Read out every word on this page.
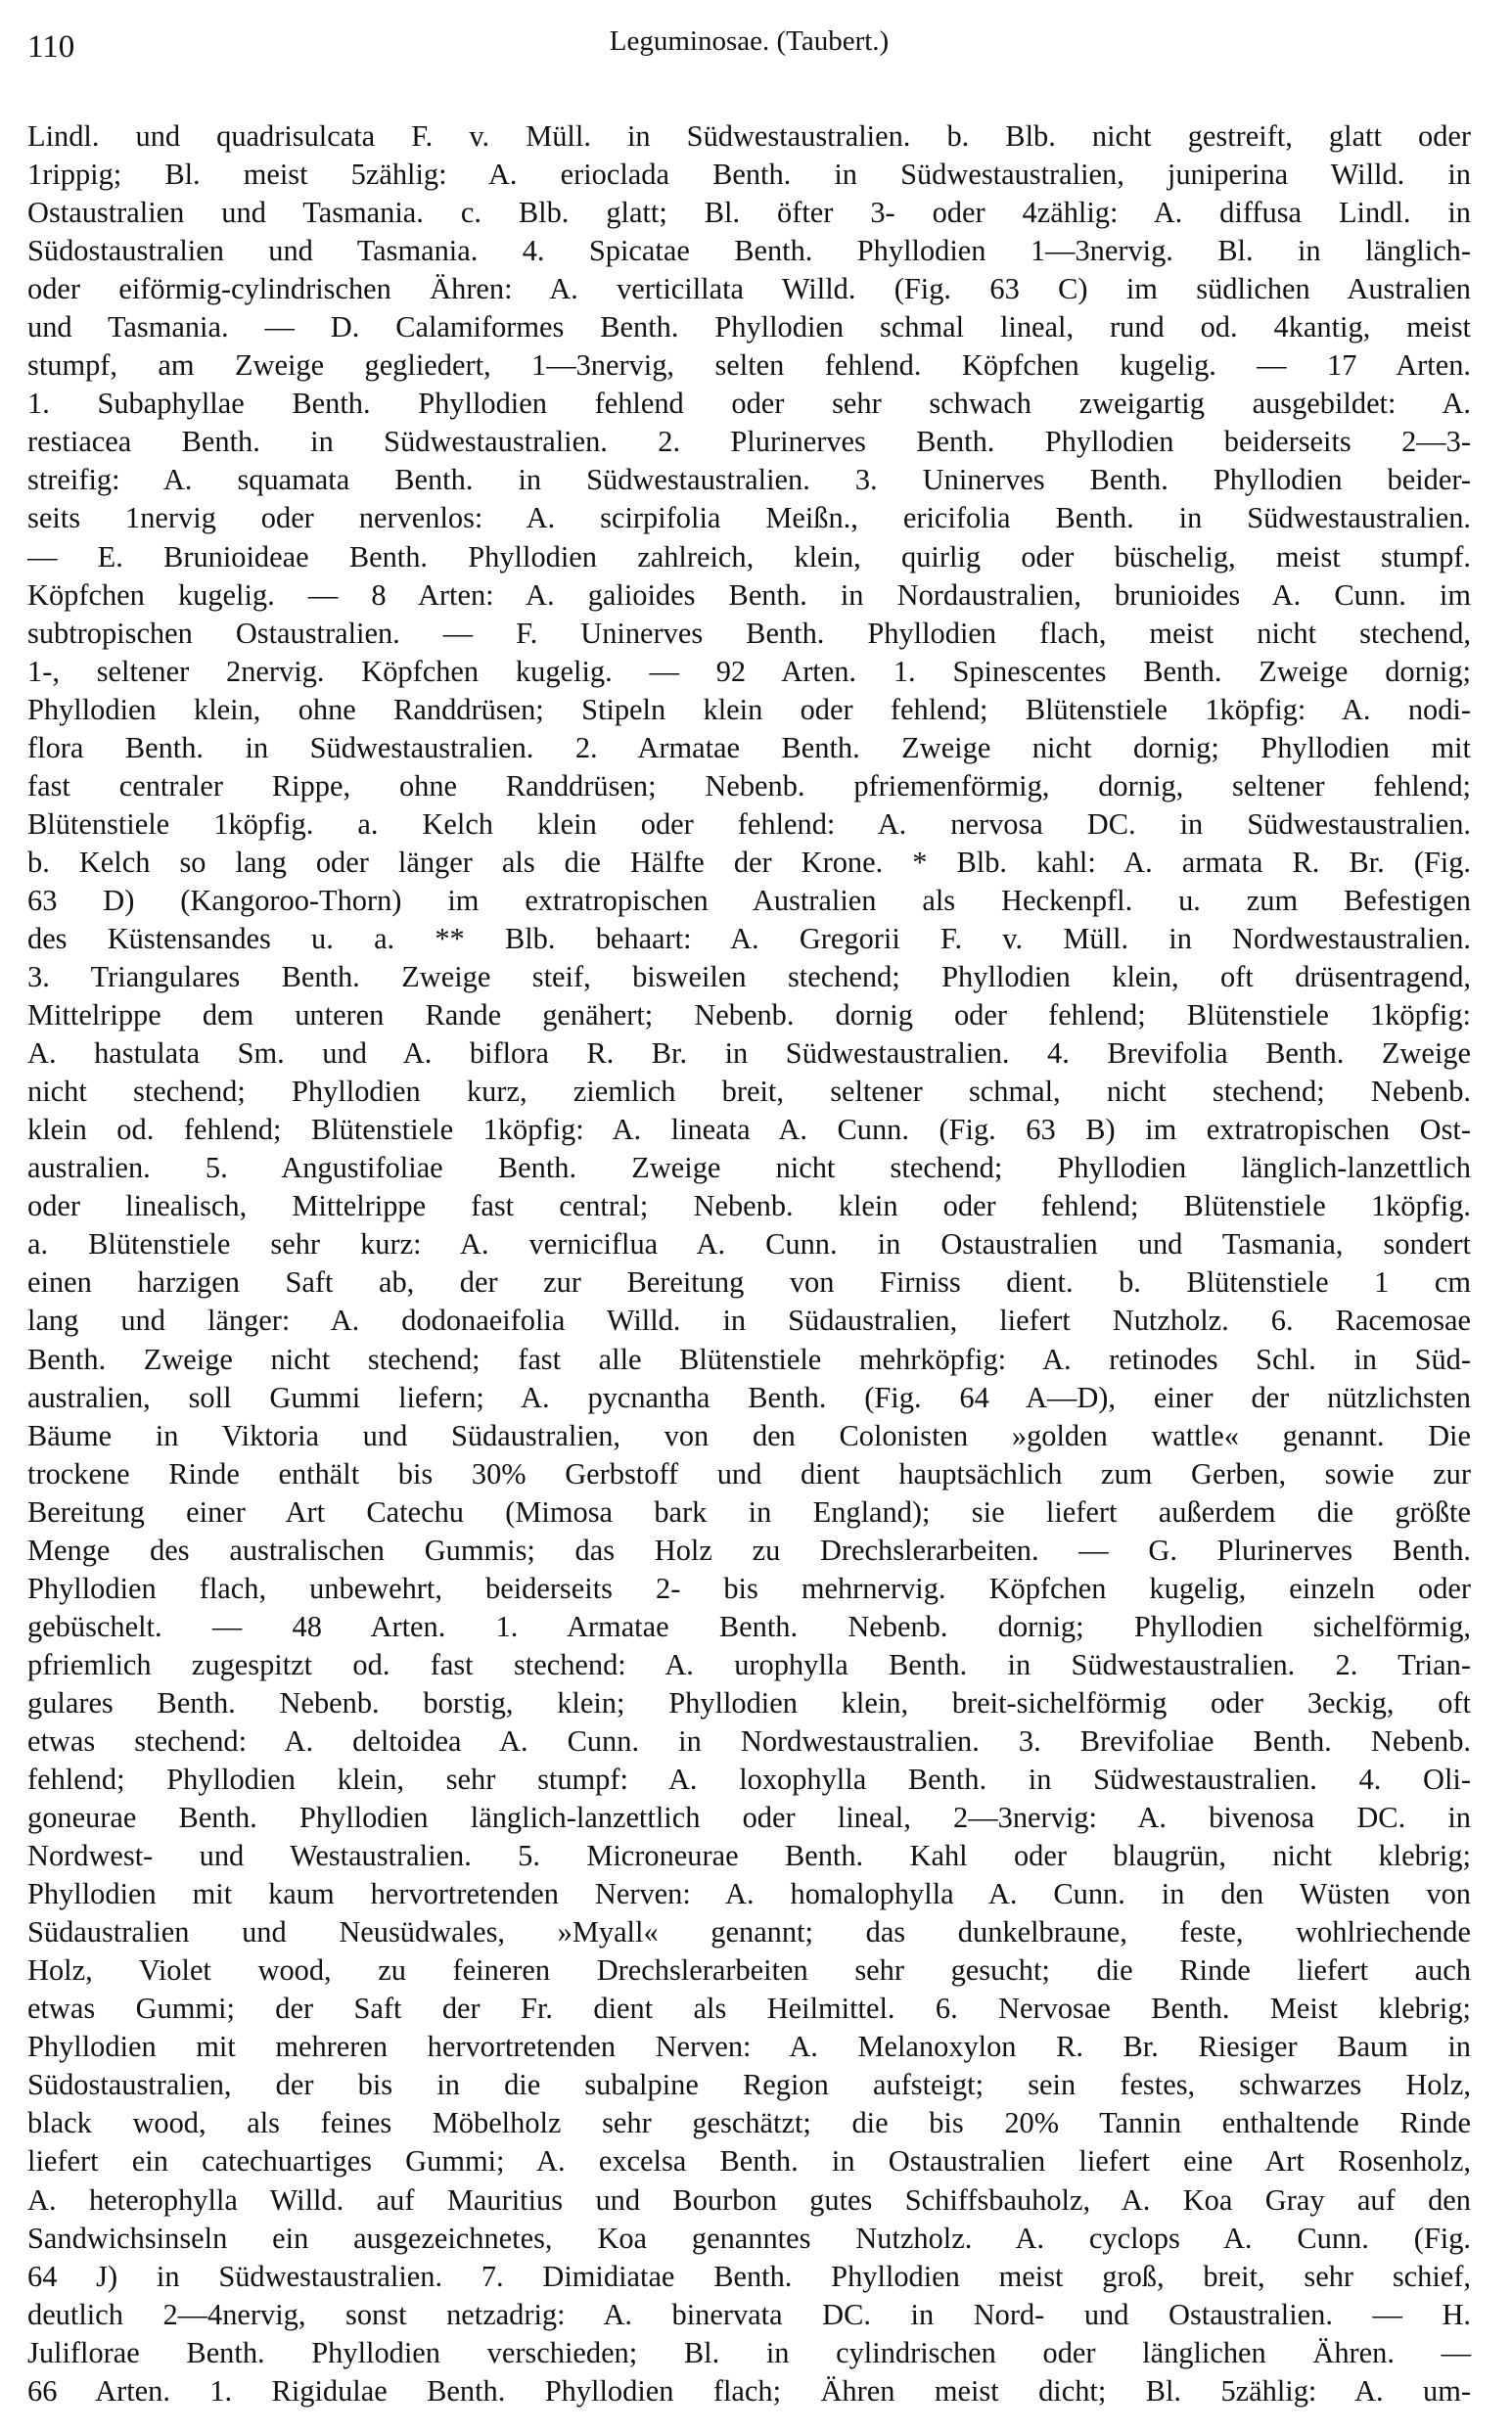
110	Leguminosae. (Taubert.)
Lindl. und quadrisulcata F. v. Müll. in Südwestaustralien. b. Blb. nicht gestreift, glatt oder
1rippig; Bl. meist 5zählig: A. erioclada Benth. in Südwestaustralien, juniperina Willd. in
Ostaustralien und Tasmania. c. Blb. glatt; Bl. öfter 3- oder 4zählig: A. diffusa Lindl. in
Südostaustralien und Tasmania. 4. Spicatae Benth. Phyllodien 1—3nervig. Bl. in länglich-
oder eiförmig-cylindrischen Ähren: A. verticillata Willd. (Fig. 63 C) im südlichen Australien
und Tasmania. — D. Calamiformes Benth. Phyllodien schmal lineal, rund od. 4kantig, meist
stumpf, am Zweige gegliedert, 1—3nervig, selten fehlend. Köpfchen kugelig. — 17 Arten.
1. Subaphyllae Benth. Phyllodien fehlend oder sehr schwach zweigartig ausgebildet: A.
restiacea Benth. in Südwestaustralien. 2. Plurinerves Benth. Phyllodien beiderseits 2—3-
streifig: A. squamata Benth. in Südwestaustralien. 3. Uninerves Benth. Phyllodien beider-
seits 1nervig oder nervenlos: A. scirpifolia Meißn., ericifolia Benth. in Südwestaustralien.
— E. Brunioideae Benth. Phyllodien zahlreich, klein, quirlig oder büschelig, meist stumpf.
Köpfchen kugelig. — 8 Arten: A. galioides Benth. in Nordaustralien, brunioides A. Cunn. im
subtropischen Ostaustralien. — F. Uninerves Benth. Phyllodien flach, meist nicht stechend,
1-, seltener 2nervig. Köpfchen kugelig. — 92 Arten. 1. Spinescentes Benth. Zweige dornig;
Phyllodien klein, ohne Randdrüsen; Stipeln klein oder fehlend; Blütenstiele 1köpfig: A. nodi-
flora Benth. in Südwestaustralien. 2. Armatae Benth. Zweige nicht dornig; Phyllodien mit
fast centraler Rippe, ohne Randdrüsen; Nebenb. pfriemenförmig, dornig, seltener fehlend;
Blütenstiele 1köpfig. a. Kelch klein oder fehlend: A. nervosa DC. in Südwestaustralien.
b. Kelch so lang oder länger als die Hälfte der Krone. * Blb. kahl: A. armata R. Br. (Fig.
63 D) (Kangoroo-Thorn) im extratropischen Australien als Heckenpfl. u. zum Befestigen
des Küstensandes u. a. ** Blb. behaart: A. Gregorii F. v. Müll. in Nordwestaustralien.
3. Triangulares Benth. Zweige steif, bisweilen stechend; Phyllodien klein, oft drüsentragend,
Mittelrippe dem unteren Rande genähert; Nebenb. dornig oder fehlend; Blütenstiele 1köpfig:
A. hastulata Sm. und A. biflora R. Br. in Südwestaustralien. 4. Brevifolia Benth. Zweige
nicht stechend; Phyllodien kurz, ziemlich breit, seltener schmal, nicht stechend; Nebenb.
klein od. fehlend; Blütenstiele 1köpfig: A. lineata A. Cunn. (Fig. 63 B) im extratropischen Ost-
australien. 5. Angustifoliae Benth. Zweige nicht stechend; Phyllodien länglich-lanzettlich
oder linealisch, Mittelrippe fast central; Nebenb. klein oder fehlend; Blütenstiele 1köpfig.
a. Blütenstiele sehr kurz: A. verniciflua A. Cunn. in Ostaustralien und Tasmania, sondert
einen harzigen Saft ab, der zur Bereitung von Firniss dient. b. Blütenstiele 1 cm
lang und länger: A. dodonaeifolia Willd. in Südaustralien, liefert Nutzholz. 6. Racemosae
Benth. Zweige nicht stechend; fast alle Blütenstiele mehrköpfig: A. retinodes Schl. in Süd-
australien, soll Gummi liefern; A. pycnantha Benth. (Fig. 64 A—D), einer der nützlichsten
Bäume in Viktoria und Südaustralien, von den Colonisten »golden wattle« genannt. Die
trockene Rinde enthält bis 30% Gerbstoff und dient hauptsächlich zum Gerben, sowie zur
Bereitung einer Art Catechu (Mimosa bark in England); sie liefert außerdem die größte
Menge des australischen Gummis; das Holz zu Drechslerarbeiten. — G. Plurinerves Benth.
Phyllodien flach, unbewehrt, beiderseits 2- bis mehrnervig. Köpfchen kugelig, einzeln oder
gebüschelt. — 48 Arten. 1. Armatae Benth. Nebenb. dornig; Phyllodien sichelförmig,
pfriemlich zugespitzt od. fast stechend: A. urophylla Benth. in Südwestaustralien. 2. Trian-
gulares Benth. Nebenb. borstig, klein; Phyllodien klein, breit-sichelförmig oder 3eckig, oft
etwas stechend: A. deltoidea A. Cunn. in Nordwestaustralien. 3. Brevifoliae Benth. Nebenb.
fehlend; Phyllodien klein, sehr stumpf: A. loxophylla Benth. in Südwestaustralien. 4. Oli-
goneurae Benth. Phyllodien länglich-lanzettlich oder lineal, 2—3nervig: A. bivenosa DC. in
Nordwest- und Westaustralien. 5. Microneurae Benth. Kahl oder blaugrün, nicht klebrig;
Phyllodien mit kaum hervortretenden Nerven: A. homalophylla A. Cunn. in den Wüsten von
Südaustralien und Neusüdwales, »Myall« genannt; das dunkelbraune, feste, wohlriechende
Holz, Violet wood, zu feineren Drechslerarbeiten sehr gesucht; die Rinde liefert auch
etwas Gummi; der Saft der Fr. dient als Heilmittel. 6. Nervosae Benth. Meist klebrig;
Phyllodien mit mehreren hervortretenden Nerven: A. Melanoxylon R. Br. Riesiger Baum in
Südostaustralien, der bis in die subalpine Region aufsteigt; sein festes, schwarzes Holz,
black wood, als feines Möbelholz sehr geschätzt; die bis 20% Tannin enthaltende Rinde
liefert ein catechuartiges Gummi; A. excelsa Benth. in Ostaustralien liefert eine Art Rosenholz,
A. heterophylla Willd. auf Mauritius und Bourbon gutes Schiffsbauholz, A. Koa Gray auf den
Sandwichsinseln ein ausgezeichnetes, Koa genanntes Nutzholz. A. cyclops A. Cunn. (Fig.
64 J) in Südwestaustralien. 7. Dimidiatae Benth. Phyllodien meist groß, breit, sehr schief,
deutlich 2—4nervig, sonst netzadrig: A. binervata DC. in Nord- und Ostaustralien. — H.
Juliflorae Benth. Phyllodien verschieden; Bl. in cylindrischen oder länglichen Ähren. —
66 Arten. 1. Rigidulae Benth. Phyllodien flach; Ähren meist dicht; Bl. 5zählig: A. um-
